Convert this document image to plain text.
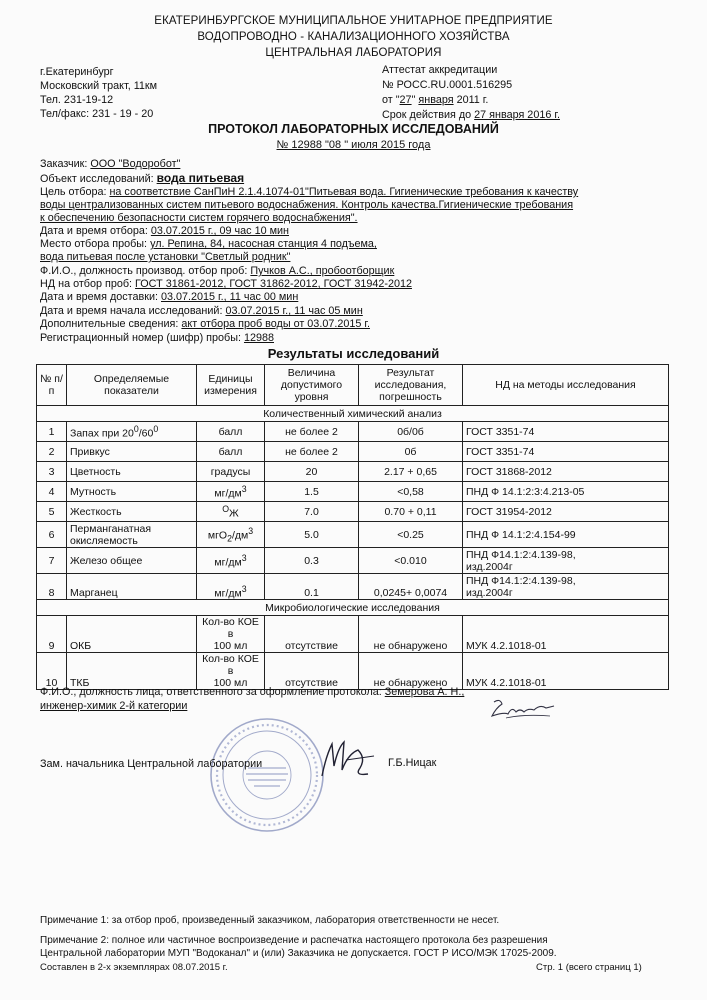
ЕКАТЕРИНБУРГСКОЕ МУНИЦИПАЛЬНОЕ УНИТАРНОЕ ПРЕДПРИЯТИЕ
ВОДОПРОВОДНО - КАНАЛИЗАЦИОННОГО ХОЗЯЙСТВА
ЦЕНТРАЛЬНАЯ ЛАБОРАТОРИЯ
г.Екатеринбург
Московский тракт, 11км
Тел. 231-19-12
Тел/факс: 231 - 19 - 20
Аттестат аккредитации
№ РОСС.RU.0001.516295
от "27" января 2011 г.
Срок действия до 27 января 2016 г.
ПРОТОКОЛ ЛАБОРАТОРНЫХ ИССЛЕДОВАНИЙ
№ 12988 "08 " июля 2015 года
Заказчик: ООО "Водоробот"
Объект исследований: вода питьевая
Цель отбора: на соответствие СанПиН 2.1.4.1074-01"Питьевая вода. Гигиенические требования к качеству
воды централизованных систем питьевого водоснабжения. Контроль качества.Гигиенические требования
к обеспечению безопасности систем горячего водоснабжения".
Дата и время отбора: 03.07.2015 г., 09 час 10 мин
Место отбора пробы: ул. Репина, 84, насосная станция 4 подъема,
вода питьевая после установки "Светлый родник"
Ф.И.О., должность производ. отбор проб: Пучков А.С., пробоотборщик
НД на отбор проб: ГОСТ 31861-2012, ГОСТ 31862-2012, ГОСТ 31942-2012
Дата и время доставки: 03.07.2015 г., 11 час 00 мин
Дата и время начала исследований: 03.07.2015 г., 11 час 05 мин
Дополнительные сведения: акт отбора проб воды от 03.07.2015 г.
Регистрационный номер (шифр) пробы: 12988
Результаты исследований
№ п/п	Определяемые показатели	Единицы измерения	Величина допустимого уровня	Результат исследования, погрешность	НД на методы исследования
Количественный химический анализ					
1	Запах при $20^0/60^0$	балл	не более 2	0б/0б	ГОСТ 3351-74
2	Привкус	балл	не более 2	0б	ГОСТ 3351-74
3	Цветность	градусы	20	2.17 + 0,65	ГОСТ 31868-2012
4	Мутность	$мг/дм^3$	1.5	<0,58	ПНД Ф 14.1:2:3:4.213-05
5	Жесткость	$^О$Ж	7.0	0.70 + 0,11	ГОСТ 31954-2012
6	Перманганатная
окисляемость	$мгО_2/дм^3$	5.0	<0.25	ПНД Ф 14.1:2:4.154-99
7	Железо общее	$мг/дм^3$	0.3	<0.010	ПНД Ф14.1:2:4.139-98,
изд.2004г

8	Марганец	$мг/дм^3$	0.1	0,0245+ 0,0074	ПНД Ф14.1:2:4.139-98,
изд.2004г

Микробиологические исследования					
9	ОКБ	Кол-во КОЕ в
100 мл	отсутствие	не обнаружено	МУК 4.2.1018-01
10	ТКБ	Кол-во КОЕ в
100 мл	отсутствие	не обнаружено	МУК 4.2.1018-01
Ф.И.О., должность лица, ответственного за оформление протокола: Земерова А. Н.,
инженер-химик 2-й категории
Зам. начальника Центральной лаборатории	Г.Б.Ницак
Примечание 1: за отбор проб, произведенный заказчиком, лаборатория ответственности не несет.
Примечание 2: полное или частичное воспроизведение и распечатка настоящего протокола без разрешения
Центральной лаборатории МУП "Водоканал" и (или) Заказчика не допускается. ГОСТ Р ИСО/МЭК 17025-2009.
Составлен в 2-х экземплярах 08.07.2015 г.	Стр. 1 (всего страниц 1)
